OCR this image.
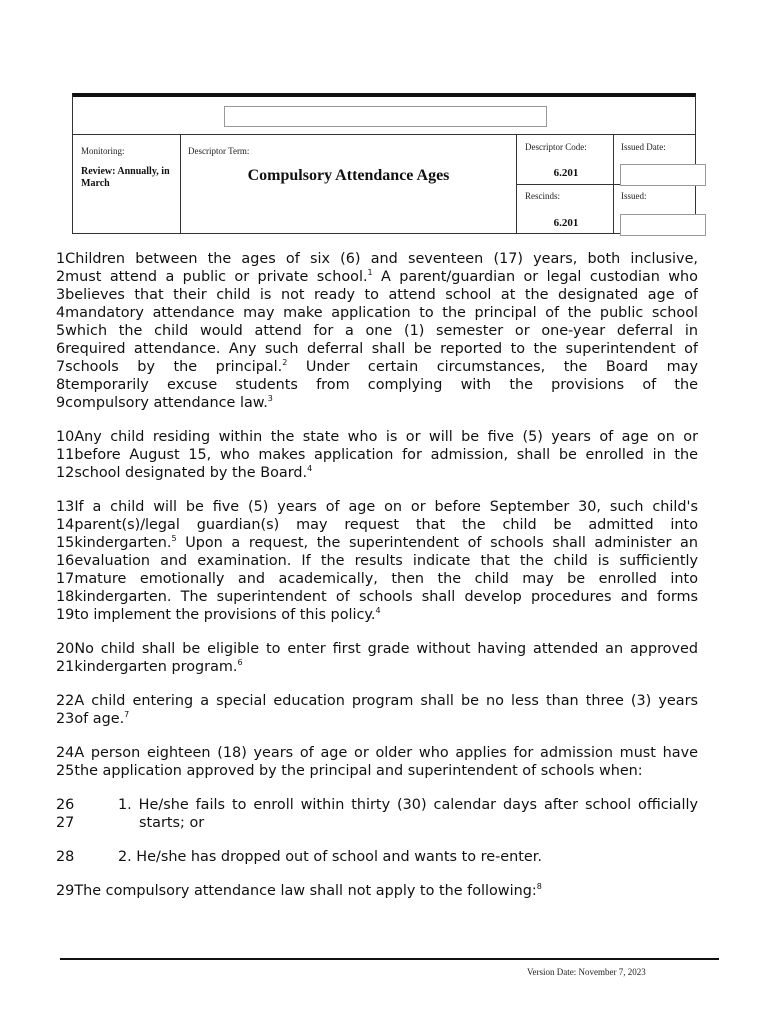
Monitoring:
Review: Annually, in March
Descriptor Term:
Compulsory Attendance Ages
Descriptor Code:
6.201
Issued Date:
Rescinds:
6.201
Issued:
1 Children between the ages of six (6) and seventeen (17) years, both inclusive,
2 must attend a public or private school.$^1$ A parent/guardian or legal custodian who
3 believes that their child is not ready to attend school at the designated age of
4 mandatory attendance may make application to the principal of the public school
5 which the child would attend for a one (1) semester or one-year deferral in
6 required attendance. Any such deferral shall be reported to the superintendent of
7 schools by the principal.$^2$ Under certain circumstances, the Board may
8 temporarily excuse students from complying with the provisions of the
9 compulsory attendance law.$^3$
10 Any child residing within the state who is or will be five (5) years of age on or
11 before August 15, who makes application for admission, shall be enrolled in the
12 school designated by the Board.$^4$
13 If a child will be five (5) years of age on or before September 30, such child's
14 parent(s)/legal guardian(s) may request that the child be admitted into
15 kindergarten.$^5$ Upon a request, the superintendent of schools shall administer an
16 evaluation and examination. If the results indicate that the child is sufficiently
17 mature emotionally and academically, then the child may be enrolled into
18 kindergarten. The superintendent of schools shall develop procedures and forms
19 to implement the provisions of this policy.$^4$
20 No child shall be eligible to enter first grade without having attended an approved
21 kindergarten program.$^6$
22 A child entering a special education program shall be no less than three (3) years
23 of age.$^7$
24 A person eighteen (18) years of age or older who applies for admission must have
25 the application approved by the principal and superintendent of schools when:
26	1. He/she fails to enroll within thirty (30) calendar days after school officially
27	starts; or
28	2. He/she has dropped out of school and wants to re-enter.
29 The compulsory attendance law shall not apply to the following:$^8$
Version Date: November 7, 2023
